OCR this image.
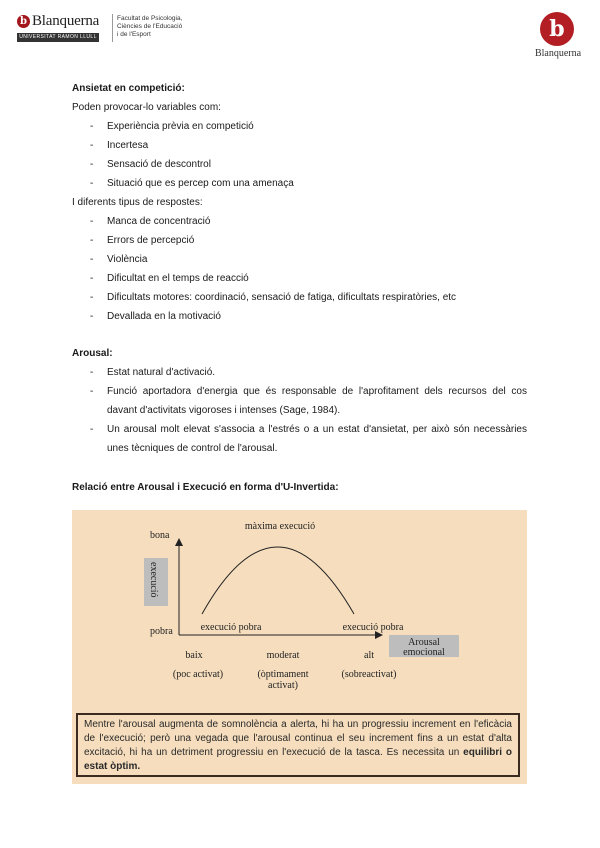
b Blanquerna
UNIVERSITAT RAMON LLULL
Facultat de Psicologia,
Ciències de l'Educació
i de l'Esport	b
Blanquerna
Ansietat en competició:
Poden provocar-lo variables com:
- Experiència prèvia en competició
- Incertesa
- Sensació de descontrol
- Situació que es percep com una amenaça
I diferents tipus de respostes:
- Manca de concentració
- Errors de percepció
- Violència
- Dificultat en el temps de reacció
- Dificultats motores: coordinació, sensació de fatiga, dificultats respiratòries, etc
- Devallada en la motivació
Arousal:
- Estat natural d'activació.
- Funció aportadora d'energia que és responsable de l'aprofitament dels recursos del cos davant d'activitats vigoroses i intenses (Sage, 1984).
- Un arousal molt elevat s'associa a l'estrés o a un estat d'ansietat, per això són necessàries unes tècniques de control de l'arousal.
Relació entre Arousal i Execució en forma d'U-Invertida:
execució
Arousal
emocional
bona
pobra
màxima execució
execució pobra	execució pobra
baix
(poc activat)
moderat
(òptimament
activat)
alt
(sobreactivat)
Mentre l'arousal augmenta de somnolència a alerta, hi ha un progressiu increment en l'eficàcia de l'execució; però una vegada que l'arousal continua el seu increment fins a un estat d'alta excitació, hi ha un detriment progressiu en l'execució de la tasca. Es necessita un equilibri o estat òptim.
